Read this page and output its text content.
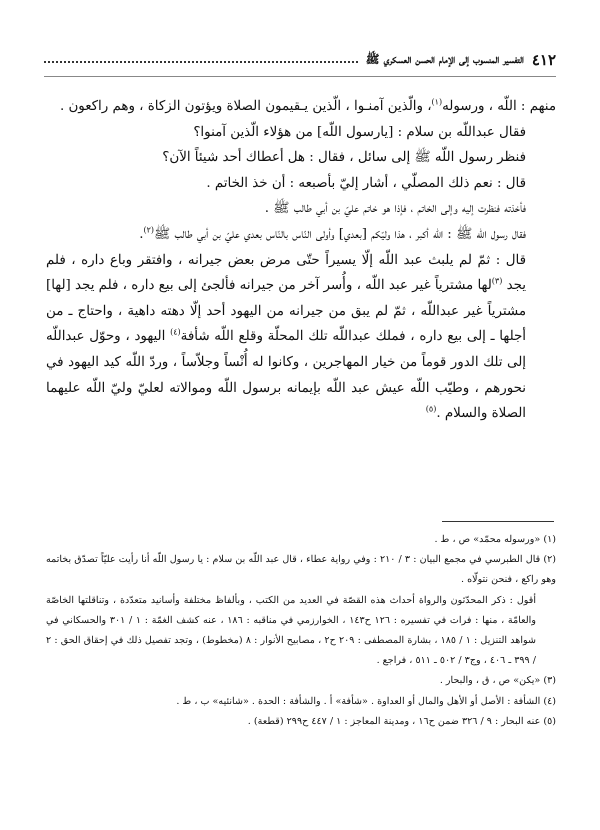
٤١٢
التفسير المنسوب إلى الإمام الحسن العسكري ﷺ

منهم : اللّه ، ورسوله$^{(١)}$، والّذين آمنـوا ، الّذين يـقيمون الصلاة ويؤتون الزكاة ، وهم راكعون .

فقال عبداللّه بن سلام : [يارسول اللّه] من هؤلاء الّذين آمنوا؟

فنظر رسول اللّه ﷺ إلى سائل ، فقال : هل أعطاك أحد شيئاً الآن؟

قال : نعم ذلك المصلّي ، أشار إليّ بأصبعه : أن خذ الخاتم .

فأخذته فنظرت إليه وإلى الخاتم ، فإذا هو خاتم عليّ بن أبي طالب ﷺ .

فقال رسول اللّه ﷺ : اللّه أكبر ، هذا وليّكم [بعدي] وأولى النّاس بالنّاس بعدي عليّ بن أبي طالب ﷺ$^{(٢)}$.

قال : ثمّ لم يلبث عبد اللّه إلّا يسيراً حتّى مرض بعض جيرانه ، وافتقر وباع داره ، فلم يجد $^{(٣)}$لها مشترياً غير عبد اللّه ، وأُسر آخر من جيرانه فألجئ إلى بيع داره ، فلم يجد [لها] مشترياً غير عبداللّه ، ثمّ لم يبق من جيرانه من اليهود أحد إلّا دهته داهية ، واحتاج ـ من أجلها ـ إلى بيع داره ، فملك عبداللّه تلك المحلّة وقلع اللّه شأفة$^{(٤)}$ اليهود ، وحوّل عبداللّه إلى تلك الدور قوماً من خيار المهاجرين ، وكانوا له أُنْساً وجلاّساً ، وردّ اللّه كيد اليهود في نحورهم ، وطيّب اللّه عيش عبد اللّه بإيمانه برسول اللّه وموالاته لعليّ وليّ اللّه عليهما الصلاة والسلام .$^{(٥)}$

(١) «ورسوله محمّد» ص ، ط .

(٢) قال الطبرسي في مجمع البيان : ٣ / ٢١٠ : وفي رواية عطاء ، قال عبد اللّه بن سلام : يا رسول اللّه أنا رأيت عليّاً تصدّق بخاتمه وهو راكع ، فنحن نتولّاه .

أقول : ذكر المحدّثون والرواة أحداث هذه القصّة في العديد من الكتب ، وبألفاظ مختلفة وأسانيد متعدّدة ، وتناقلتها الخاصّة والعامّة ، منها : فرات في تفسيره : ١٢٦ ح١٤٣ ، الخوارزمي في مناقبه : ١٨٦ ، عنه كشف الغمّة : ١ / ٣٠١ والحسكاني في شواهد التنزيل : ١ / ١٨٥ ، بشارة المصطفى : ٢٠٩ ح٢ ، مصابيح الأنوار : ٨ (مخطوط) ، وتجد تفصيل ذلك في إحقاق الحق : ٢ / ٣٩٩ ـ ٤٠٦ ، وج٣ / ٥٠٢ ـ ٥١١ ، فراجع .

(٣) «يكن» ص ، ق ، والبحار .

(٤) الشأفة : الأصل أو الأهل والمال أو العداوة . «شأفة» أ . والشأفة : الحدة . «شانئيه» ب ، ط .

(٥) عنه البحار : ٩ / ٣٢٦ ضمن ح١٦ ، ومدينة المعاجز : ١ / ٤٤٧ ح٢٩٩ (قطعة) .
